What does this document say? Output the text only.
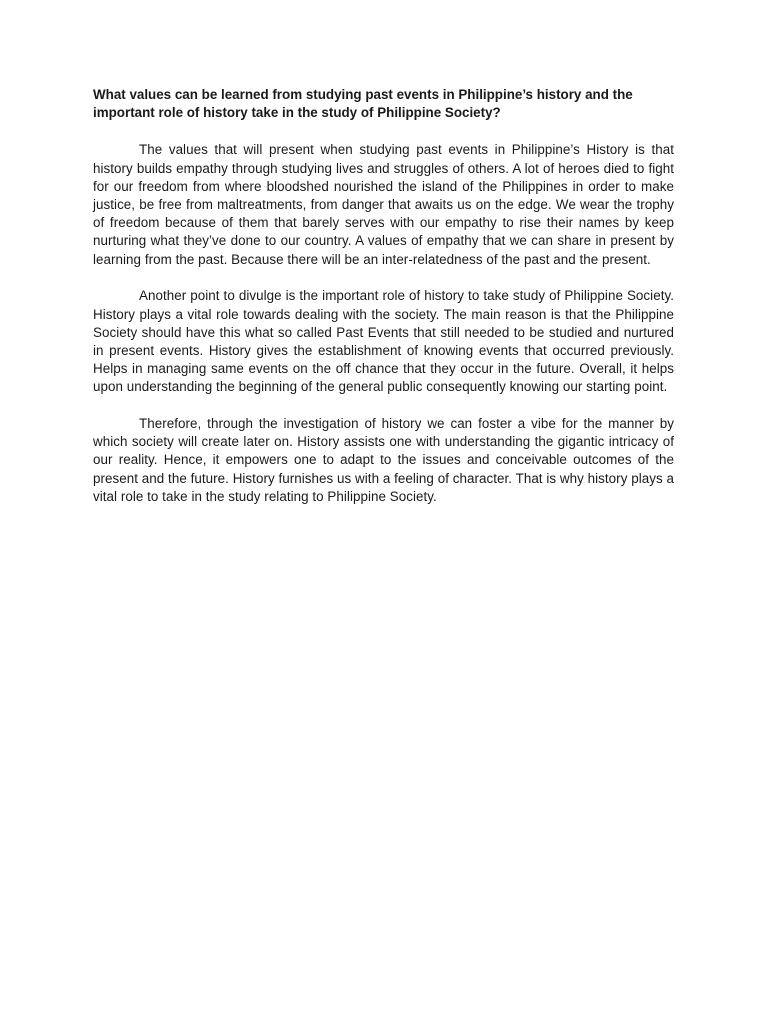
What values can be learned from studying past events in Philippine’s history and the important role of history take in the study of Philippine Society?

The values that will present when studying past events in Philippine’s History is that history builds empathy through studying lives and struggles of others. A lot of heroes died to fight for our freedom from where bloodshed nourished the island of the Philippines in order to make justice, be free from maltreatments, from danger that awaits us on the edge. We wear the trophy of freedom because of them that barely serves with our empathy to rise their names by keep nurturing what they’ve done to our country. A values of empathy that we can share in present by learning from the past. Because there will be an inter-relatedness of the past and the present.

Another point to divulge is the important role of history to take study of Philippine Society. History plays a vital role towards dealing with the society. The main reason is that the Philippine Society should have this what so called Past Events that still needed to be studied and nurtured in present events. History gives the establishment of knowing events that occurred previously. Helps in managing same events on the off chance that they occur in the future. Overall, it helps upon understanding the beginning of the general public consequently knowing our starting point.

Therefore, through the investigation of history we can foster a vibe for the manner by which society will create later on. History assists one with understanding the gigantic intricacy of our reality. Hence, it empowers one to adapt to the issues and conceivable outcomes of the present and the future. History furnishes us with a feeling of character. That is why history plays a vital role to take in the study relating to Philippine Society.
